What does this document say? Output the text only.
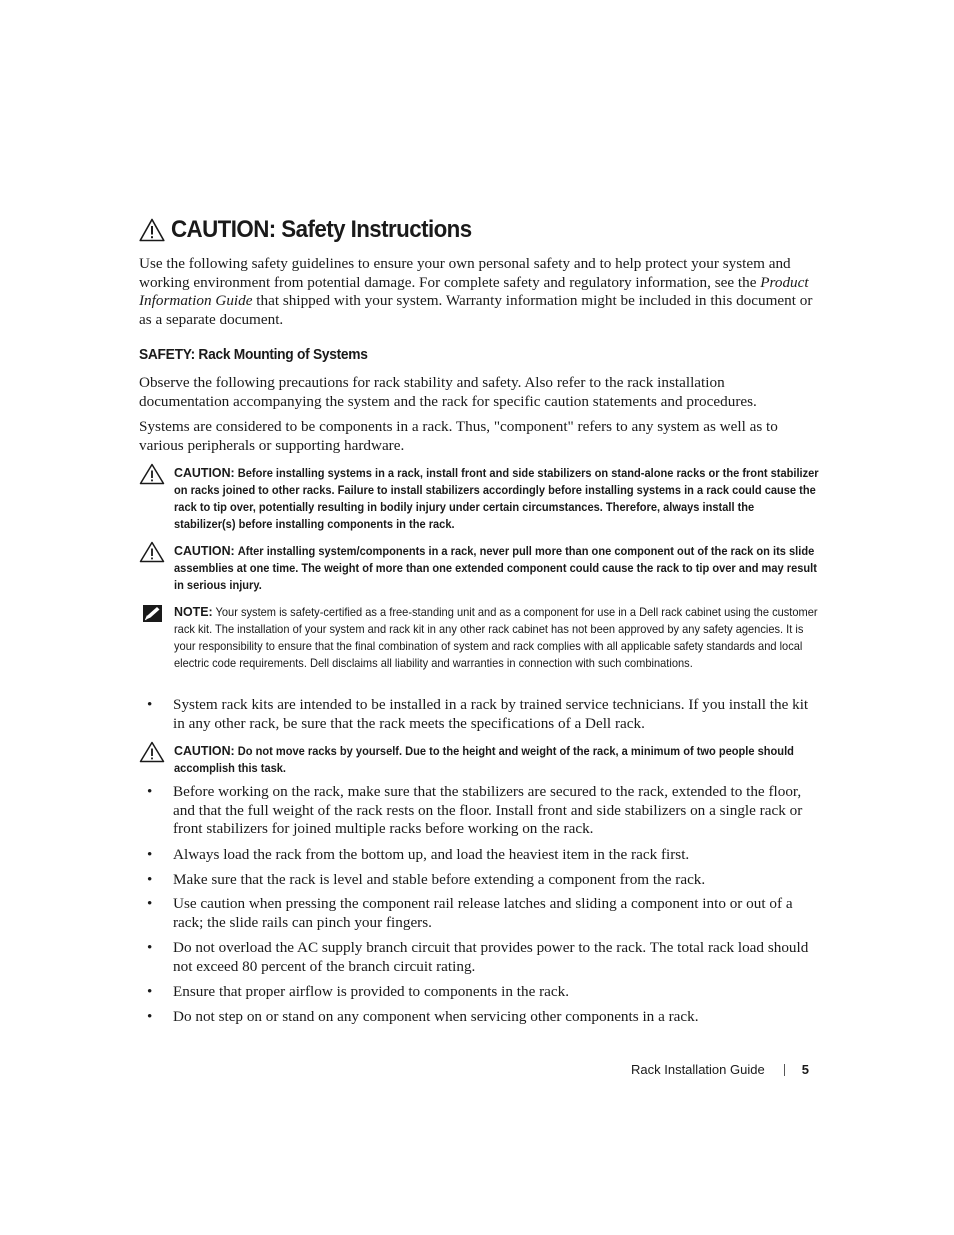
CAUTION: Safety Instructions

Use the following safety guidelines to ensure your own personal safety and to help protect your system and working environment from potential damage. For complete safety and regulatory information, see the Product Information Guide that shipped with your system. Warranty information might be included in this document or as a separate document.

SAFETY: Rack Mounting of Systems

Observe the following precautions for rack stability and safety. Also refer to the rack installation documentation accompanying the system and the rack for specific caution statements and procedures.

Systems are considered to be components in a rack. Thus, "component" refers to any system as well as to various peripherals or supporting hardware.

CAUTION: Before installing systems in a rack, install front and side stabilizers on stand-alone racks or the front stabilizer on racks joined to other racks. Failure to install stabilizers accordingly before installing systems in a rack could cause the rack to tip over, potentially resulting in bodily injury under certain circumstances. Therefore, always install the stabilizer(s) before installing components in the rack.
CAUTION: After installing system/components in a rack, never pull more than one component out of the rack on its slide assemblies at one time. The weight of more than one extended component could cause the rack to tip over and may result in serious injury.
NOTE: Your system is safety-certified as a free-standing unit and as a component for use in a Dell rack cabinet using the customer rack kit. The installation of your system and rack kit in any other rack cabinet has not been approved by any safety agencies. It is your responsibility to ensure that the final combination of system and rack complies with all applicable safety standards and local electric code requirements. Dell disclaims all liability and warranties in connection with such combinations.
• System rack kits are intended to be installed in a rack by trained service technicians. If you install the kit in any other rack, be sure that the rack meets the specifications of a Dell rack.
CAUTION: Do not move racks by yourself. Due to the height and weight of the rack, a minimum of two people should accomplish this task.
• Before working on the rack, make sure that the stabilizers are secured to the rack, extended to the floor, and that the full weight of the rack rests on the floor. Install front and side stabilizers on a single rack or front stabilizers for joined multiple racks before working on the rack.
• Always load the rack from the bottom up, and load the heaviest item in the rack first.
• Make sure that the rack is level and stable before extending a component from the rack.
• Use caution when pressing the component rail release latches and sliding a component into or out of a rack; the slide rails can pinch your fingers.
• Do not overload the AC supply branch circuit that provides power to the rack. The total rack load should not exceed 80 percent of the branch circuit rating.
• Ensure that proper airflow is provided to components in the rack.
• Do not step on or stand on any component when servicing other components in a rack.
Rack Installation Guide	5
